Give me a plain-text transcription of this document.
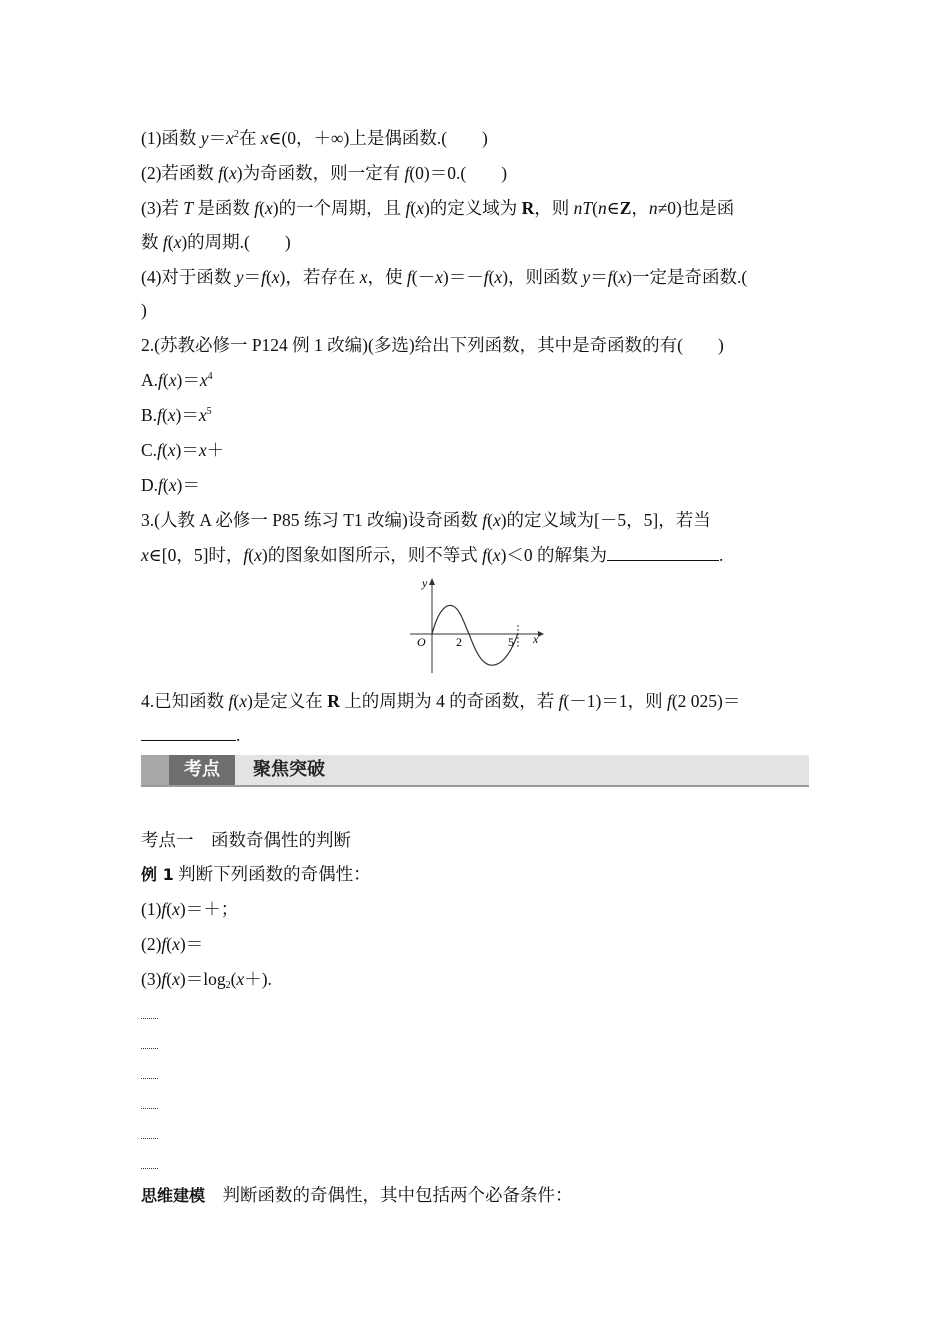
(1)函数 $y=x^2$在 x∈(0，＋∞)上是偶函数.(　　)
(2)若函数 f(x)为奇函数，则一定有 f(0)＝0.(　　)
(3)若 T 是函数 f(x)的一个周期，且 f(x)的定义域为 R，则 nT(n∈Z，n≠0)也是函
数 f(x)的周期.(　　)
(4)对于函数 y＝f(x)，若存在 x，使 f(－x)＝－f(x)，则函数 y＝f(x)一定是奇函数.(
)
2.(苏教必修一 P124 例 1 改编)(多选)给出下列函数，其中是奇函数的有(　　)
$A.f(x)=x^4$
$B.f(x)=x^5$
C.f(x)＝x＋
D.f(x)＝
3.(人教 A 必修一 P85 练习 T1 改编)设奇函数 f(x)的定义域为[－5，5]，若当
x∈[0，5]时，f(x)的图象如图所示，则不等式 f(x)＜0 的解集为	.
y
x
O	2	5
4.已知函数 f(x)是定义在 R 上的周期为 4 的奇函数，若 f(－1)＝1，则 f(2 025)＝
.
考点	聚焦突破
考点一　函数奇偶性的判断
例 1 判断下列函数的奇偶性：
(1)f(x)＝＋；
(2)f(x)＝
$(3)f(x)=\log_2(x+)$.
思维建模　判断函数的奇偶性，其中包括两个必备条件：
